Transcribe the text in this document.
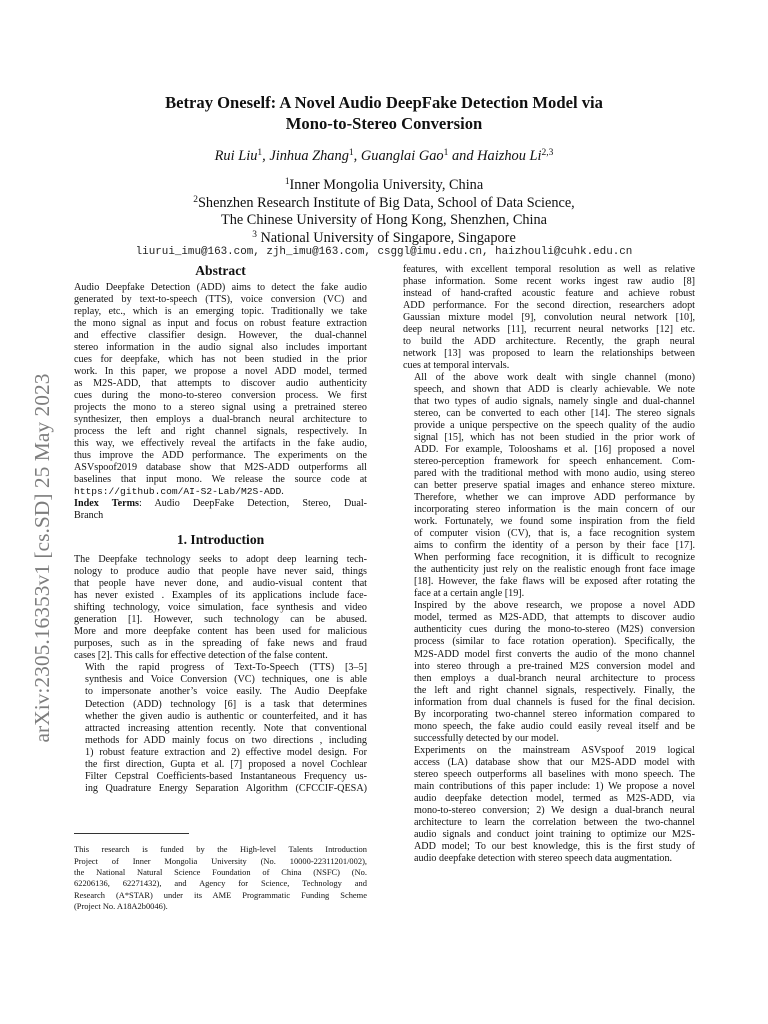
arXiv:2305.16353v1 [cs.SD] 25 May 2023
Betray Oneself: A Novel Audio DeepFake Detection Model via
Mono-to-Stereo Conversion
Rui Liu$^1$, Jinhua Zhang$^1$, Guanglai Gao$^1$ and Haizhou Li$^{2,3}$
$^1$Inner Mongolia University, China
$^2$Shenzhen Research Institute of Big Data, School of Data Science,
The Chinese University of Hong Kong, Shenzhen, China
$^3$ National University of Singapore, Singapore
liurui_imu@163.com, zjh_imu@163.com, csggl@imu.edu.cn, haizhouli@cuhk.edu.cn
Abstract

Audio Deepfake Detection (ADD) aims to detect the fake audio
generated by text-to-speech (TTS), voice conversion (VC) and
replay, etc., which is an emerging topic. Traditionally we take
the mono signal as input and focus on robust feature extraction
and effective classifier design. However, the dual-channel
stereo information in the audio signal also includes important
cues for deepfake, which has not been studied in the prior
work. In this paper, we propose a novel ADD model, termed
as M2S-ADD, that attempts to discover audio authenticity
cues during the mono-to-stereo conversion process. We first
projects the mono to a stereo signal using a pretrained stereo
synthesizer, then employs a dual-branch neural architecture to
process the left and right channel signals, respectively. In
this way, we effectively reveal the artifacts in the fake audio,
thus improve the ADD performance. The experiments on the
ASVspoof2019 database show that M2S-ADD outperforms all
baselines that input mono. We release the source code at
https://github.com/AI-S2-Lab/M2S-ADD.

Index Terms: Audio DeepFake Detection, Stereo, Dual-
Branch

1. Introduction

The Deepfake technology seeks to adopt deep learning tech-
nology to produce audio that people have never said, things
that people have never done, and audio-visual content that
has never existed . Examples of its applications include face-
shifting technology, voice simulation, face synthesis and video
generation [1]. However, such technology can be abused.
More and more deepfake content has been used for malicious
purposes, such as in the spreading of fake news and fraud
cases [2]. This calls for effective detection of the false content.

With the rapid progress of Text-To-Speech (TTS) [3–5]
synthesis and Voice Conversion (VC) techniques, one is able
to impersonate another’s voice easily. The Audio Deepfake
Detection (ADD) technology [6] is a task that determines
whether the given audio is authentic or counterfeited, and it has
attracted increasing attention recently. Note that conventional
methods for ADD mainly focus on two directions , including
1) robust feature extraction and 2) effective model design. For
the first direction, Gupta et al. [7] proposed a novel Cochlear
Filter Cepstral Coefficients-based Instantaneous Frequency us-
ing Quadrature Energy Separation Algorithm (CFCCIF-QESA)

This research is funded by the High-level Talents Introduction
Project of Inner Mongolia University (No. 10000-22311201/002),
the National Natural Science Foundation of China (NSFC) (No.
62206136, 62271432), and Agency for Science, Technology and
Research (A*STAR) under its AME Programmatic Funding Scheme
(Project No. A18A2b0046).

features, with excellent temporal resolution as well as relative
phase information. Some recent works ingest raw audio [8]
instead of hand-crafted acoustic feature and achieve robust
ADD performance. For the second direction, researchers adopt
Gaussian mixture model [9], convolution neural network [10],
deep neural networks [11], recurrent neural networks [12] etc.
to build the ADD architecture. Recently, the graph neural
network [13] was proposed to learn the relationships between
cues at temporal intervals.

All of the above work dealt with single channel (mono)
speech, and shown that ADD is clearly achievable. We note
that two types of audio signals, namely single and dual-channel
stereo, can be converted to each other [14]. The stereo signals
provide a unique perspective on the speech quality of the audio
signal [15], which has not been studied in the prior work of
ADD. For example, Tolooshams et al. [16] proposed a novel
stereo-perception framework for speech enhancement. Com-
pared with the traditional method with mono audio, using stereo
can better preserve spatial images and enhance stereo mixture.
Therefore, whether we can improve ADD performance by
incorporating stereo information is the main concern of our
work. Fortunately, we found some inspiration from the field
of computer vision (CV), that is, a face recognition system
aims to confirm the identity of a person by their face [17].
When performing face recognition, it is difficult to recognize
the authenticity just rely on the realistic enough front face image
[18]. However, the fake flaws will be exposed after rotating the
face at a certain angle [19].

Inspired by the above research, we propose a novel ADD
model, termed as M2S-ADD, that attempts to discover audio
authenticity cues during the mono-to-stereo (M2S) conversion
process (similar to face rotation operation). Specifically, the
M2S-ADD model first converts the audio of the mono channel
into stereo through a pre-trained M2S conversion model and
then employs a dual-branch neural architecture to process
the left and right channel signals, respectively. Finally, the
information from dual channels is fused for the final decision.
By incorporating two-channel stereo information compared to
mono speech, the fake audio could easily reveal itself and be
successfully detected by our model.

Experiments on the mainstream ASVspoof 2019 logical
access (LA) database show that our M2S-ADD model with
stereo speech outperforms all baselines with mono speech. The
main contributions of this paper include: 1) We propose a novel
audio deepfake detection model, termed as M2S-ADD, via
mono-to-stereo conversion; 2) We design a dual-branch neural
architecture to learn the correlation between the two-channel
audio signals and conduct joint training to optimize our M2S-
ADD model; To our best knowledge, this is the first study of
audio deepfake detection with stereo speech data augmentation.
